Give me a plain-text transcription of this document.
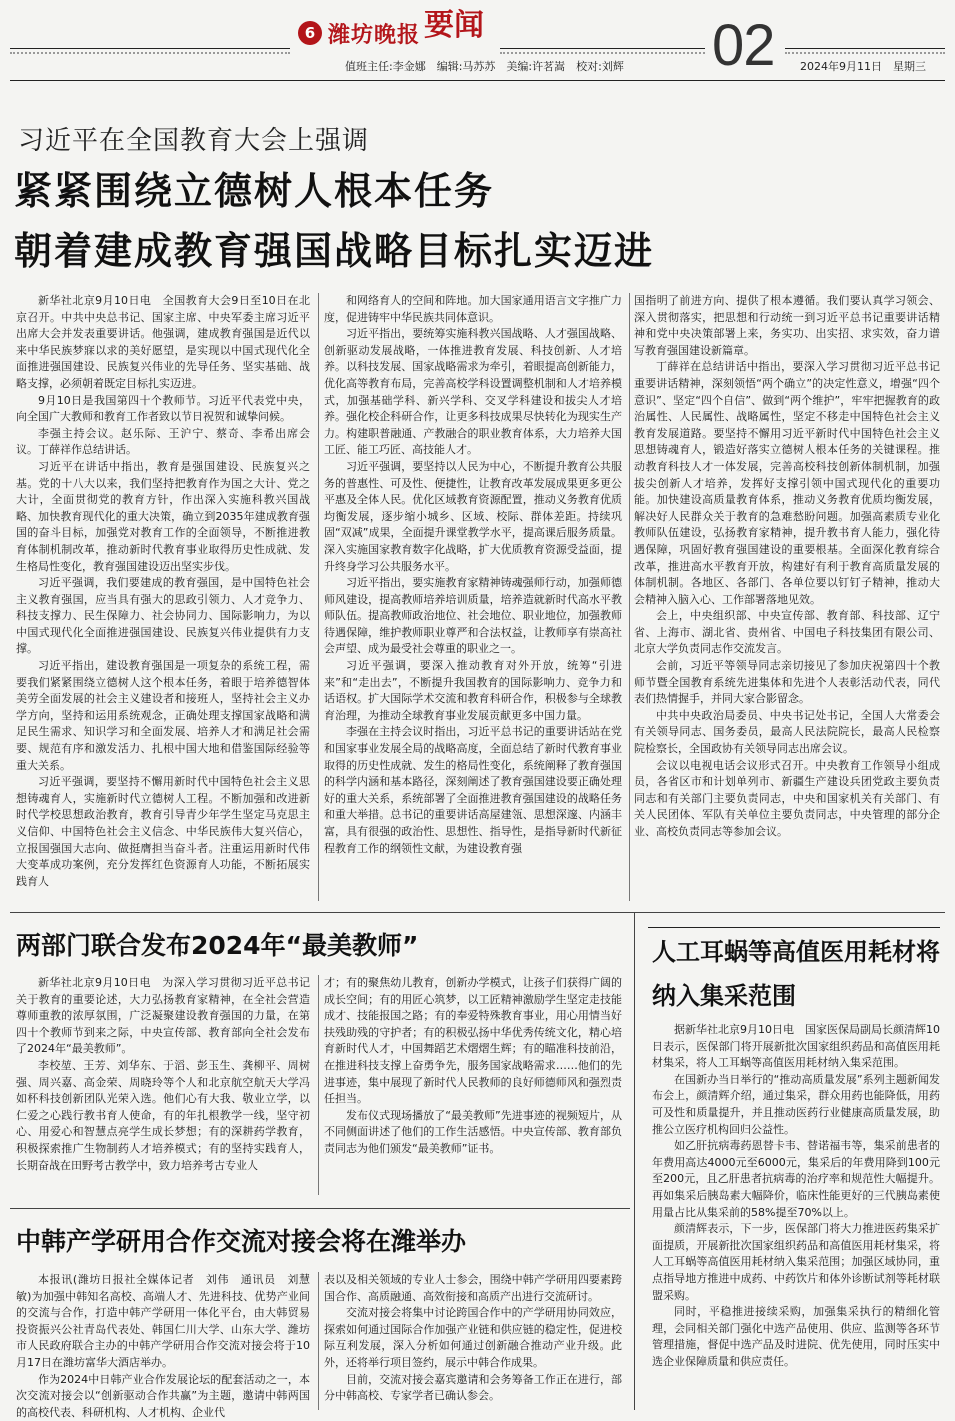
6 潍坊晚报 要闻	02
值班主任:李金娜　编辑:马苏苏　美编:许茗嵩　校对:刘辉	2024年9月11日　星期三
习近平在全国教育大会上强调
紧紧围绕立德树人根本任务
朝着建成教育强国战略目标扎实迈进

新华社北京9月10日电　全国教育大会9日至10日在北京召开。中共中央总书记、国家主席、中央军委主席习近平出席大会并发表重要讲话。他强调，建成教育强国是近代以来中华民族梦寐以求的美好愿望，是实现以中国式现代化全面推进强国建设、民族复兴伟业的先导任务、坚实基础、战略支撑，必须朝着既定目标扎实迈进。

9月10日是我国第四十个教师节。习近平代表党中央，向全国广大教师和教育工作者致以节日祝贺和诚挚问候。

李强主持会议。赵乐际、王沪宁、蔡奇、李希出席会议。丁薛祥作总结讲话。

习近平在讲话中指出，教育是强国建设、民族复兴之基。党的十八大以来，我们坚持把教育作为国之大计、党之大计，全面贯彻党的教育方针，作出深入实施科教兴国战略、加快教育现代化的重大决策，确立到2035年建成教育强国的奋斗目标，加强党对教育工作的全面领导，不断推进教育体制机制改革，推动新时代教育事业取得历史性成就、发生格局性变化，教育强国建设迈出坚实步伐。

习近平强调，我们要建成的教育强国，是中国特色社会主义教育强国，应当具有强大的思政引领力、人才竞争力、科技支撑力、民生保障力、社会协同力、国际影响力，为以中国式现代化全面推进强国建设、民族复兴伟业提供有力支撑。

习近平指出，建设教育强国是一项复杂的系统工程，需要我们紧紧围绕立德树人这个根本任务，着眼于培养德智体美劳全面发展的社会主义建设者和接班人，坚持社会主义办学方向，坚持和运用系统观念，正确处理支撑国家战略和满足民生需求、知识学习和全面发展、培养人才和满足社会需要、规范有序和激发活力、扎根中国大地和借鉴国际经验等重大关系。

习近平强调，要坚持不懈用新时代中国特色社会主义思想铸魂育人，实施新时代立德树人工程。不断加强和改进新时代学校思想政治教育，教育引导青少年学生坚定马克思主义信仰、中国特色社会主义信念、中华民族伟大复兴信心，立报国强国大志向、做挺膺担当奋斗者。注重运用新时代伟大变革成功案例，充分发挥红色资源育人功能，不断拓展实践育人

和网络育人的空间和阵地。加大国家通用语言文字推广力度，促进铸牢中华民族共同体意识。

习近平指出，要统筹实施科教兴国战略、人才强国战略、创新驱动发展战略，一体推进教育发展、科技创新、人才培养。以科技发展、国家战略需求为牵引，着眼提高创新能力，优化高等教育布局，完善高校学科设置调整机制和人才培养模式，加强基础学科、新兴学科、交叉学科建设和拔尖人才培养。强化校企科研合作，让更多科技成果尽快转化为现实生产力。构建职普融通、产教融合的职业教育体系，大力培养大国工匠、能工巧匠、高技能人才。

习近平强调，要坚持以人民为中心，不断提升教育公共服务的普惠性、可及性、便捷性，让教育改革发展成果更多更公平惠及全体人民。优化区域教育资源配置，推动义务教育优质均衡发展，逐步缩小城乡、区域、校际、群体差距。持续巩固“双减”成果，全面提升课堂教学水平，提高课后服务质量。深入实施国家教育数字化战略，扩大优质教育资源受益面，提升终身学习公共服务水平。

习近平指出，要实施教育家精神铸魂强师行动，加强师德师风建设，提高教师培养培训质量，培养造就新时代高水平教师队伍。提高教师政治地位、社会地位、职业地位，加强教师待遇保障，维护教师职业尊严和合法权益，让教师享有崇高社会声望、成为最受社会尊重的职业之一。

习近平强调，要深入推动教育对外开放，统筹“引进来”和“走出去”，不断提升我国教育的国际影响力、竞争力和话语权。扩大国际学术交流和教育科研合作，积极参与全球教育治理，为推动全球教育事业发展贡献更多中国力量。

李强在主持会议时指出，习近平总书记的重要讲话站在党和国家事业发展全局的战略高度，全面总结了新时代教育事业取得的历史性成就、发生的格局性变化，系统阐释了教育强国的科学内涵和基本路径，深刻阐述了教育强国建设要正确处理好的重大关系，系统部署了全面推进教育强国建设的战略任务和重大举措。总书记的重要讲话高屋建瓴、思想深邃、内涵丰富，具有很强的政治性、思想性、指导性，是指导新时代新征程教育工作的纲领性文献，为建设教育强

国指明了前进方向、提供了根本遵循。我们要认真学习领会、深入贯彻落实，把思想和行动统一到习近平总书记重要讲话精神和党中央决策部署上来，务实功、出实招、求实效，奋力谱写教育强国建设新篇章。

丁薛祥在总结讲话中指出，要深入学习贯彻习近平总书记重要讲话精神，深刻领悟“两个确立”的决定性意义，增强“四个意识”、坚定“四个自信”、做到“两个维护”，牢牢把握教育的政治属性、人民属性、战略属性，坚定不移走中国特色社会主义教育发展道路。要坚持不懈用习近平新时代中国特色社会主义思想铸魂育人，锻造好落实立德树人根本任务的关键课程。推动教育科技人才一体发展，完善高校科技创新体制机制，加强拔尖创新人才培养，发挥好支撑引领中国式现代化的重要功能。加快建设高质量教育体系，推动义务教育优质均衡发展，解决好人民群众关于教育的急难愁盼问题。加强高素质专业化教师队伍建设，弘扬教育家精神，提升教书育人能力，强化待遇保障，巩固好教育强国建设的重要根基。全面深化教育综合改革，推进高水平教育开放，构建好有利于教育高质量发展的体制机制。各地区、各部门、各单位要以钉钉子精神，推动大会精神入脑入心、工作部署落地见效。

会上，中央组织部、中央宣传部、教育部、科技部、辽宁省、上海市、湖北省、贵州省、中国电子科技集团有限公司、北京大学负责同志作交流发言。

会前，习近平等领导同志亲切接见了参加庆祝第四十个教师节暨全国教育系统先进集体和先进个人表彰活动代表，同代表们热情握手，并同大家合影留念。

中共中央政治局委员、中央书记处书记，全国人大常委会有关领导同志、国务委员，最高人民法院院长，最高人民检察院检察长，全国政协有关领导同志出席会议。

会议以电视电话会议形式召开。中央教育工作领导小组成员，各省区市和计划单列市、新疆生产建设兵团党政主要负责同志和有关部门主要负责同志，中央和国家机关有关部门、有关人民团体、军队有关单位主要负责同志，中央管理的部分企业、高校负责同志等参加会议。

两部门联合发布2024年“最美教师”

新华社北京9月10日电　为深入学习贯彻习近平总书记关于教育的重要论述，大力弘扬教育家精神，在全社会营造尊师重教的浓厚氛围，广泛凝聚建设教育强国的力量，在第四十个教师节到来之际，中央宣传部、教育部向全社会发布了2024年“最美教师”。

李校堃、王芳、刘华东、于滔、彭玉生、龚柳平、周树强、周兴嘉、高金荣、周晓玲等个人和北京航空航天大学冯如杯科技创新团队光荣入选。他们心有大我、敬业立学，以仁爱之心践行教书育人使命，有的年扎根教学一线，坚守初心、用爱心和智慧点亮学生成长梦想；有的深耕药学教育，积极探索推广生物制药人才培养模式；有的坚持实践育人，长期奋战在田野考古教学中，致力培养考古专业人

才；有的聚焦幼儿教育，创新办学模式，让孩子们获得广阔的成长空间；有的用匠心筑梦，以工匠精神激励学生坚定走技能成才、技能报国之路；有的奉爱特殊教育事业，用心用情当好扶残助残的守护者；有的积极弘扬中华优秀传统文化，精心培育新时代人才，中国舞蹈艺术熠熠生辉；有的瞄准科技前沿，在推进科技支撑上奋勇争先，服务国家战略需求……他们的先进事迹，集中展现了新时代人民教师的良好师德师风和强烈责任担当。

发布仪式现场播放了“最美教师”先进事迹的视频短片，从不同侧面讲述了他们的工作生活感悟。中央宣传部、教育部负责同志为他们颁发“最美教师”证书。

中韩产学研用合作交流对接会将在潍举办

本报讯(潍坊日报社全媒体记者　刘伟　通讯员　刘慧敏)为加强中韩知名高校、高端人才、先进科技、优势产业间的交流与合作，打造中韩产学研用一体化平台，由大韩贸易投资振兴公社青岛代表处、韩国仁川大学、山东大学、潍坊市人民政府联合主办的中韩产学研用合作交流对接会将于10月17日在潍坊富华大酒店举办。

作为2024中日韩产业合作发展论坛的配套活动之一，本次交流对接会以“创新驱动合作共赢”为主题，邀请中韩两国的高校代表、科研机构、人才机构、企业代

表以及相关领域的专业人士参会，围绕中韩产学研用四要素跨国合作、高质融通、高效衔接和高质产出进行交流研讨。

交流对接会将集中讨论跨国合作中的产学研用协同效应，探索如何通过国际合作加强产业链和供应链的稳定性，促进校际互利发展，深入分析如何通过创新融合推动产业升级。此外，还将举行项目签约，展示中韩合作成果。

目前，交流对接会嘉宾邀请和会务筹备工作正在进行，部分中韩高校、专家学者已确认参会。

人工耳蜗等高值医用耗材将纳入集采范围

据新华社北京9月10日电　国家医保局副局长颜清辉10日表示，医保部门将开展新批次国家组织药品和高值医用耗材集采，将人工耳蜗等高值医用耗材纳入集采范围。

在国新办当日举行的“推动高质量发展”系列主题新闻发布会上，颜清辉介绍，通过集采，群众用药也能降低，用药可及性和质量提升，并且推动医药行业健康高质量发展，助推公立医疗机构回归公益性。

如乙肝抗病毒药恩替卡韦、替诺福韦等，集采前患者的年费用高达4000元至6000元，集采后的年费用降到100元至200元，且乙肝患者抗病毒的治疗率和规范性大幅提升。再如集采后胰岛素大幅降价，临床性能更好的三代胰岛素使用量占比从集采前的58%提至70%以上。

颜清辉表示，下一步，医保部门将大力推进医药集采扩面提质，开展新批次国家组织药品和高值医用耗材集采，将人工耳蜗等高值医用耗材纳入集采范围；加强区域协同，重点指导地方推进中成药、中药饮片和体外诊断试剂等耗材联盟采购。

同时，平稳推进接续采购，加强集采执行的精细化管理，会同相关部门强化中选产品使用、供应、监测等各环节管理措施，督促中选产品及时进院、优先使用，同时压实中选企业保障质量和供应责任。
